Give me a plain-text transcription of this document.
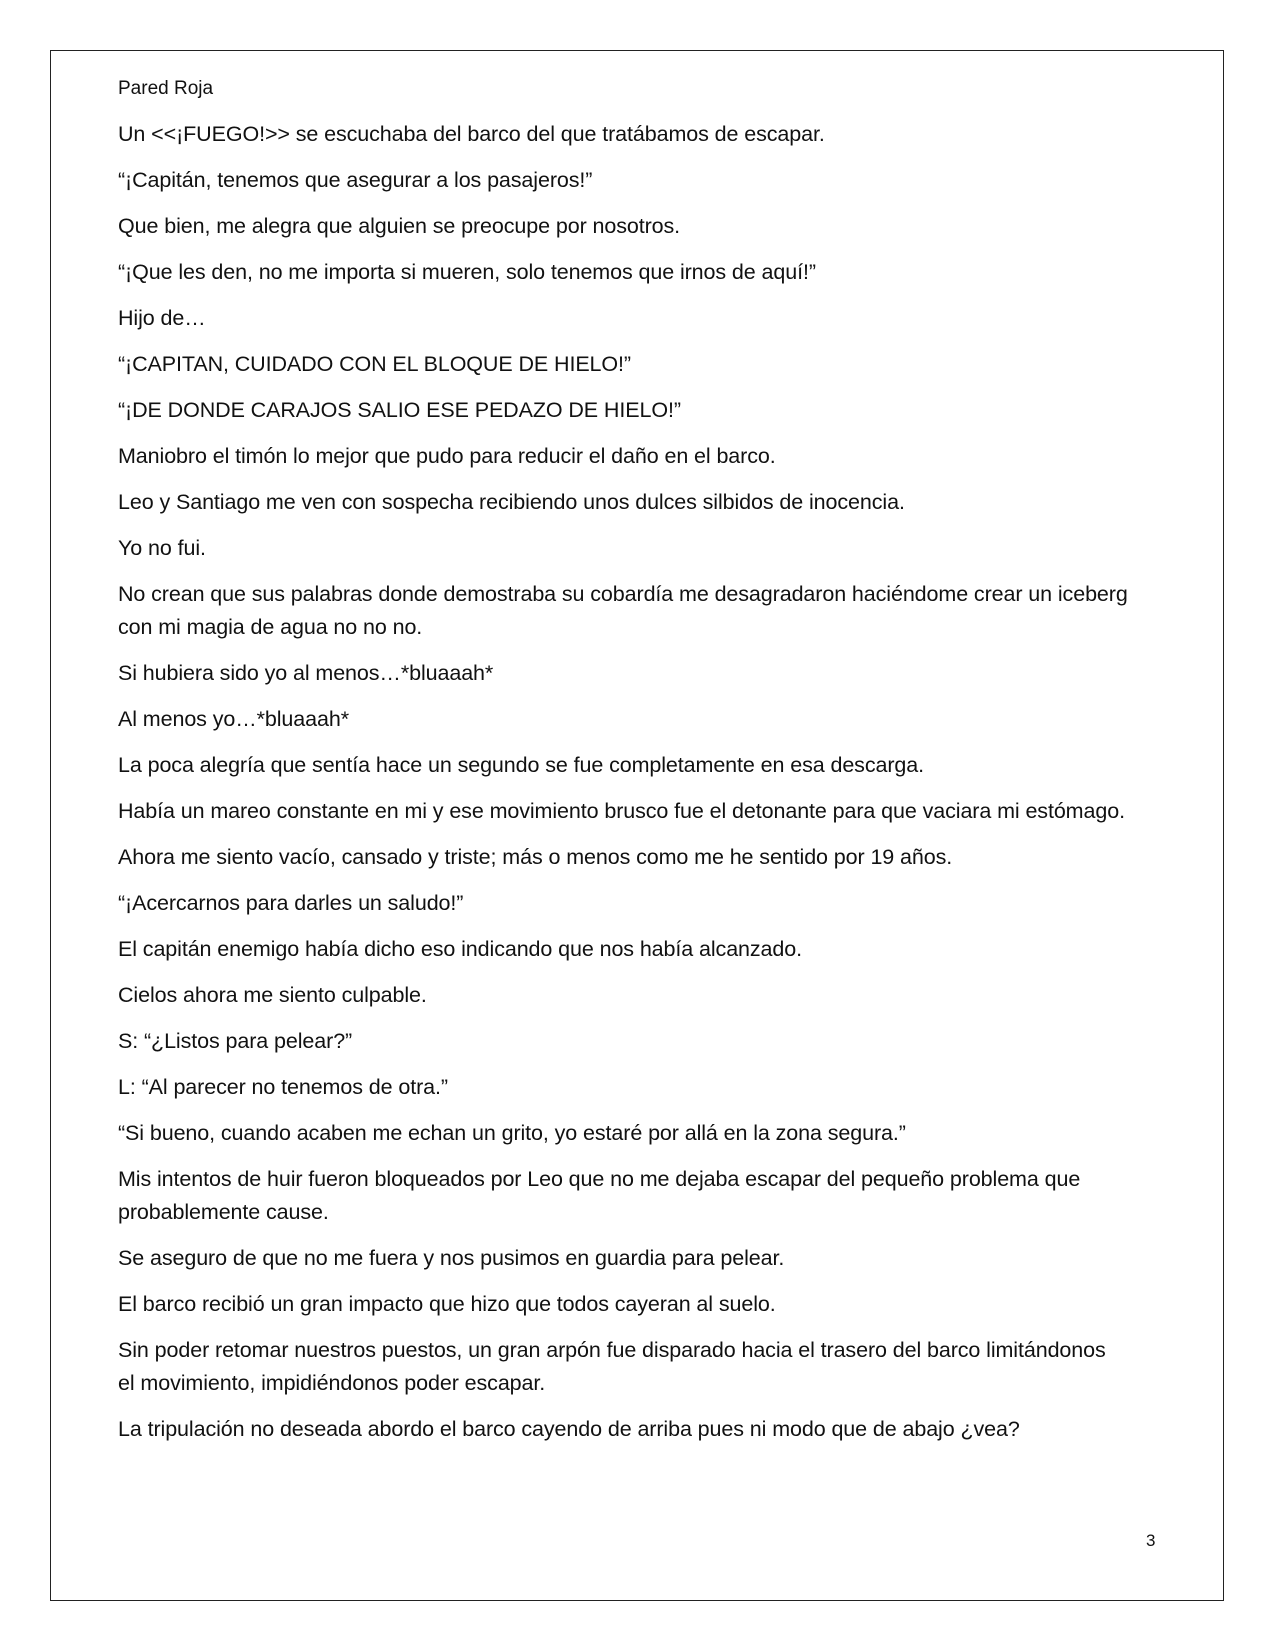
Pared Roja

Un <<¡FUEGO!>> se escuchaba del barco del que tratábamos de escapar.

“¡Capitán, tenemos que asegurar a los pasajeros!”

Que bien, me alegra que alguien se preocupe por nosotros.

“¡Que les den, no me importa si mueren, solo tenemos que irnos de aquí!”

Hijo de…

“¡CAPITAN, CUIDADO CON EL BLOQUE DE HIELO!”

“¡DE DONDE CARAJOS SALIO ESE PEDAZO DE HIELO!”

Maniobro el timón lo mejor que pudo para reducir el daño en el barco.

Leo y Santiago me ven con sospecha recibiendo unos dulces silbidos de inocencia.

Yo no fui.

No crean que sus palabras donde demostraba su cobardía me desagradaron haciéndome crear un iceberg con mi magia de agua no no no.

Si hubiera sido yo al menos…*bluaaah*

Al menos yo…*bluaaah*

La poca alegría que sentía hace un segundo se fue completamente en esa descarga.

Había un mareo constante en mi y ese movimiento brusco fue el detonante para que vaciara mi estómago.

Ahora me siento vacío, cansado y triste; más o menos como me he sentido por 19 años.

“¡Acercarnos para darles un saludo!”

El capitán enemigo había dicho eso indicando que nos había alcanzado.

Cielos ahora me siento culpable.

S: “¿Listos para pelear?”

L: “Al parecer no tenemos de otra.”

“Si bueno, cuando acaben me echan un grito, yo estaré por allá en la zona segura.”

Mis intentos de huir fueron bloqueados por Leo que no me dejaba escapar del pequeño problema que probablemente cause.

Se aseguro de que no me fuera y nos pusimos en guardia para pelear.

El barco recibió un gran impacto que hizo que todos cayeran al suelo.

Sin poder retomar nuestros puestos, un gran arpón fue disparado hacia el trasero del barco limitándonos el movimiento, impidiéndonos poder escapar.

La tripulación no deseada abordo el barco cayendo de arriba pues ni modo que de abajo ¿vea?

3
